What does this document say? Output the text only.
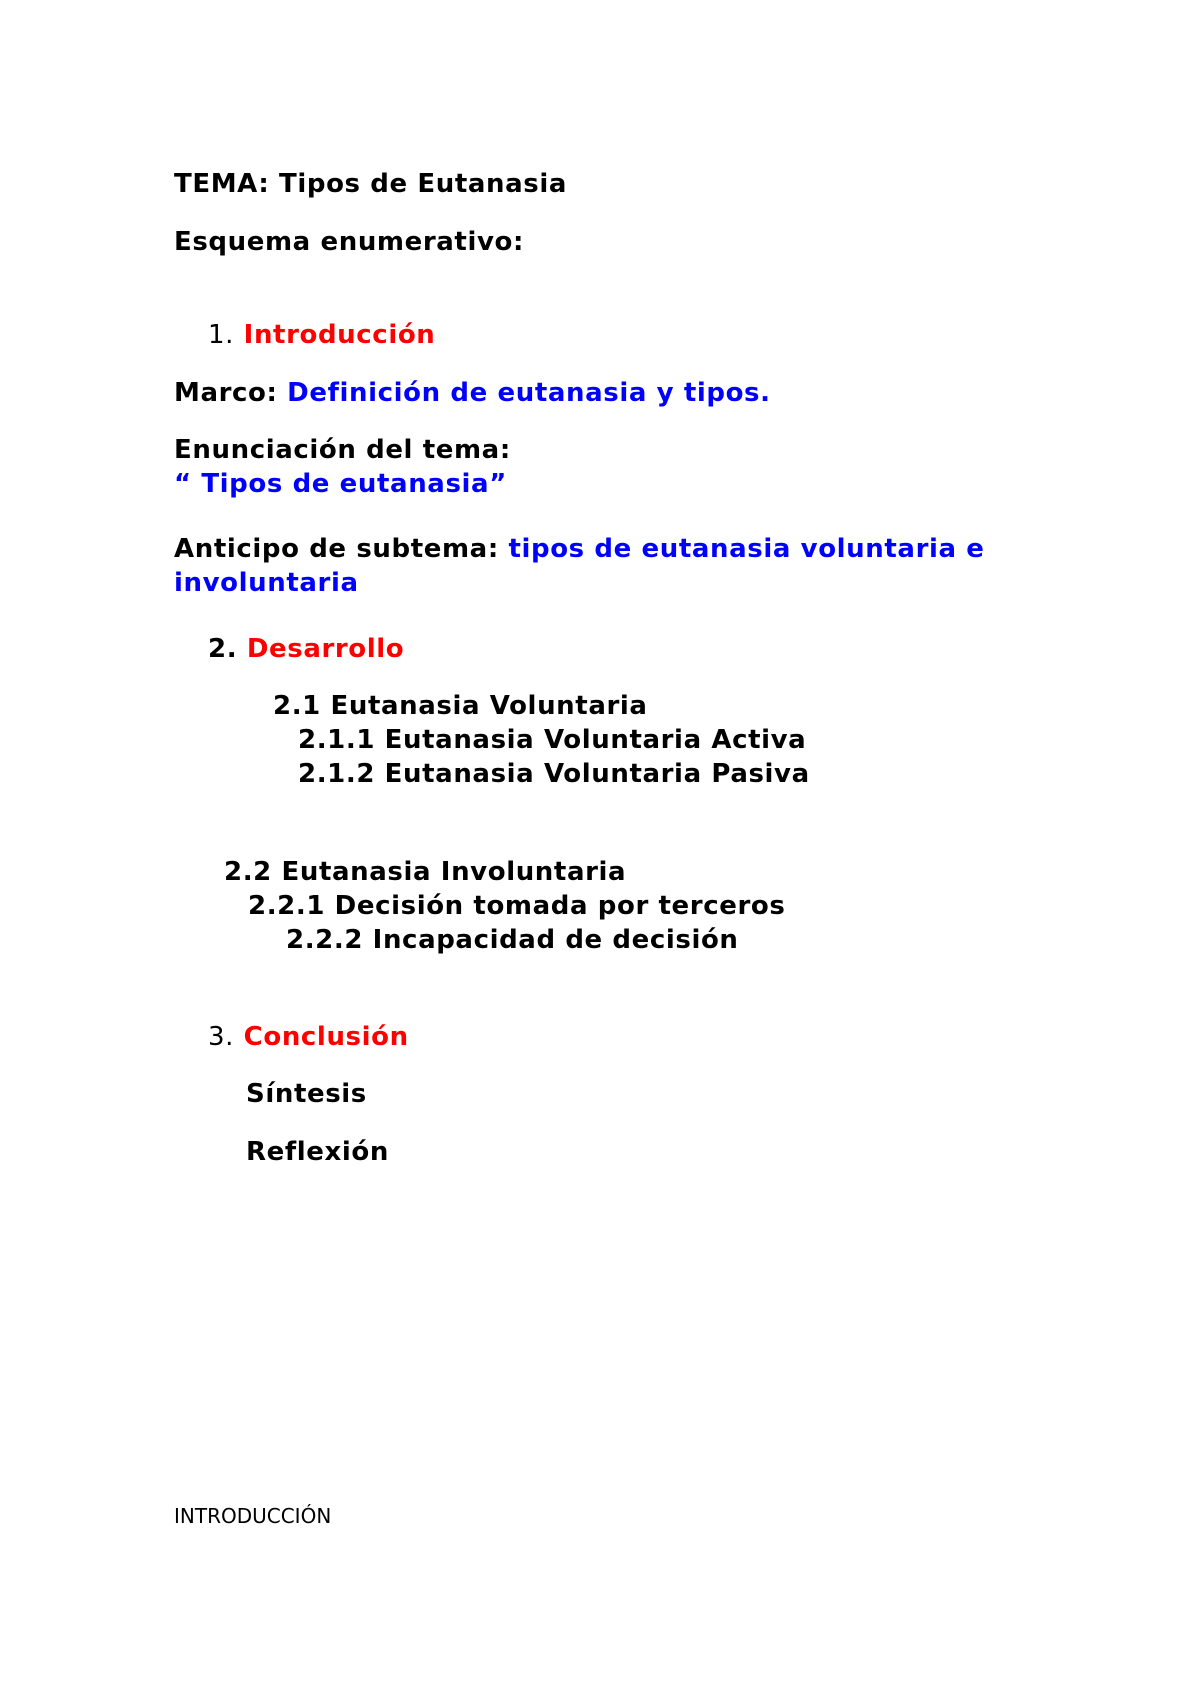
TEMA: Tipos de Eutanasia
Esquema enumerativo:
1. Introducción
Marco: Definición de eutanasia y tipos.
Enunciación del tema:
“ Tipos de eutanasia”
Anticipo de subtema: tipos de eutanasia voluntaria e
involuntaria
2. Desarrollo
2.1 Eutanasia Voluntaria
2.1.1 Eutanasia Voluntaria Activa
2.1.2 Eutanasia Voluntaria Pasiva
2.2 Eutanasia Involuntaria
2.2.1 Decisión tomada por terceros
2.2.2 Incapacidad de decisión
3. Conclusión
Síntesis
Reflexión
INTRODUCCIÓN
